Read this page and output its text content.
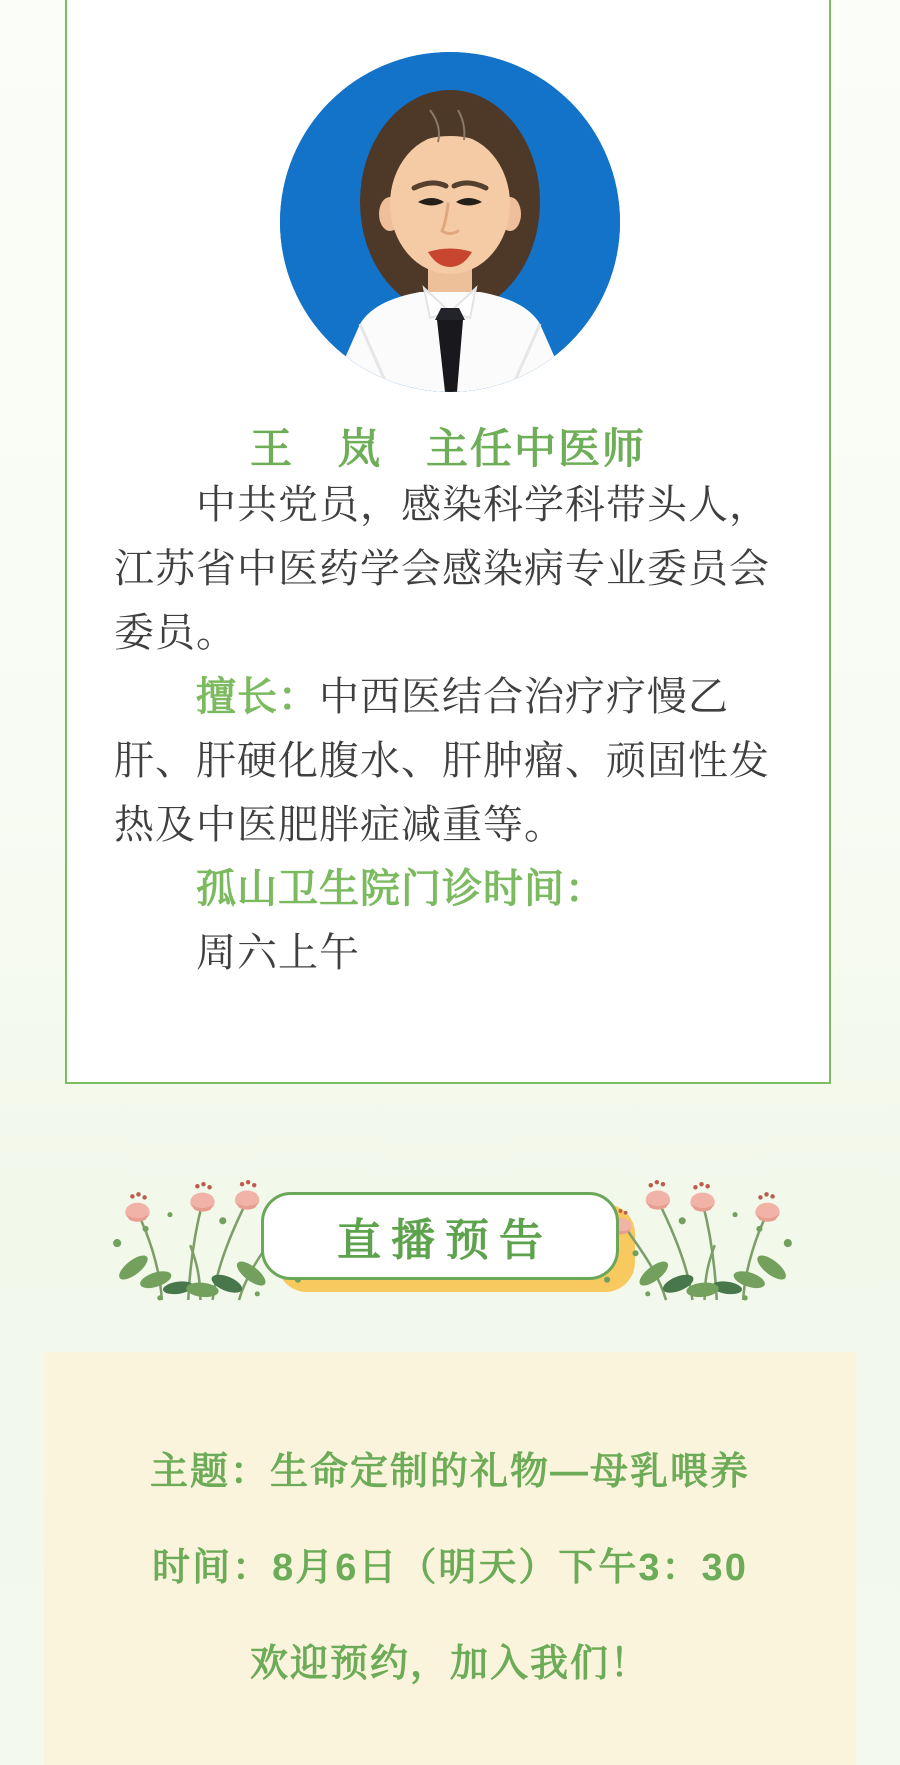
王　岚　主任中医师
中共党员，感染科学科带头人，
江苏省中医药学会感染病专业委员会
委员。
擅长：中西医结合治疗疗慢乙
肝、肝硬化腹水、肝肿瘤、顽固性发
热及中医肥胖症减重等。
孤山卫生院门诊时间：
周六上午
直播预告
主题：生命定制的礼物—母乳喂养
时间：8月6日（明天）下午3：30
欢迎预约，加入我们！
